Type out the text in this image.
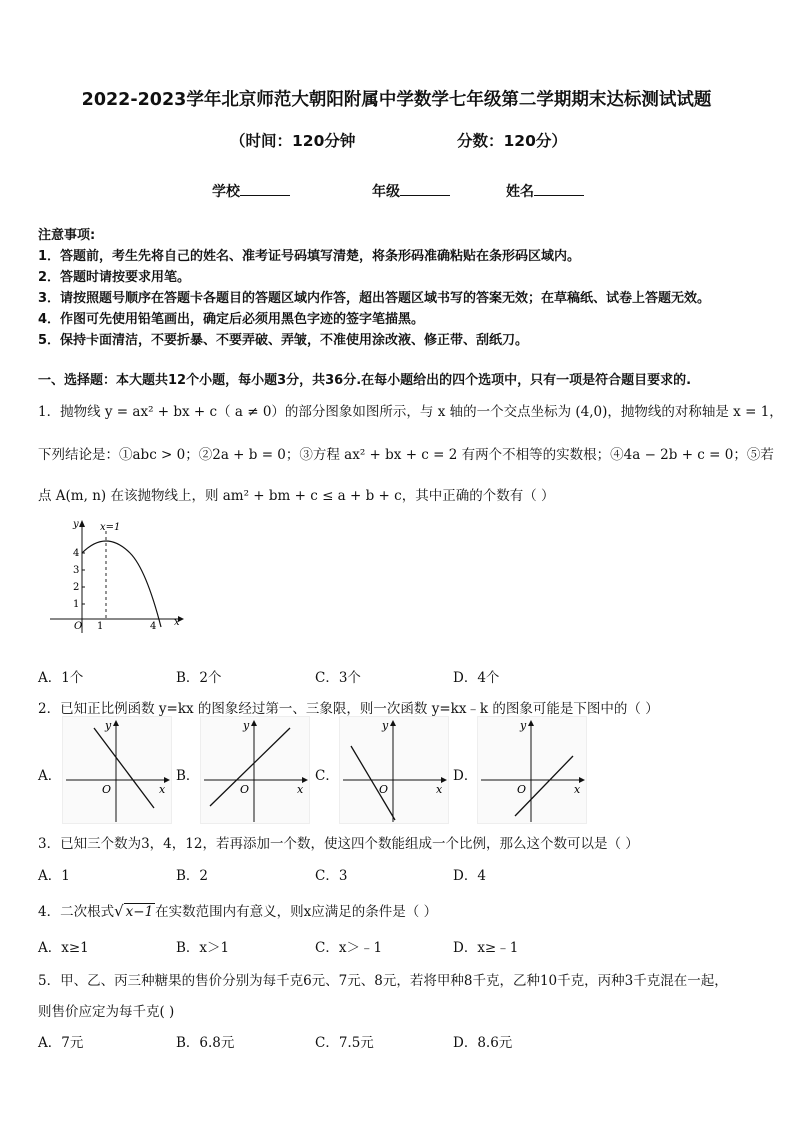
2022-2023学年北京师范大朝阳附属中学数学七年级第二学期期末达标测试试题
（时间：120分钟	分数：120分）
学校	年级	姓名
注意事项:
1．答题前，考生先将自己的姓名、准考证号码填写清楚，将条形码准确粘贴在条形码区域内。
2．答题时请按要求用笔。
3．请按照题号顺序在答题卡各题目的答题区域内作答，超出答题区域书写的答案无效；在草稿纸、试卷上答题无效。
4．作图可先使用铅笔画出，确定后必须用黑色字迹的签字笔描黑。
5．保持卡面清洁，不要折暴、不要弄破、弄皱，不准使用涂改液、修正带、刮纸刀。
一、选择题：本大题共12个小题，每小题3分，共36分.在每小题给出的四个选项中，只有一项是符合题目要求的.
1．抛物线 y = ax² + bx + c（ a ≠ 0）的部分图象如图所示，与 x 轴的一个交点坐标为 (4,0)，抛物线的对称轴是 x = 1，
下列结论是：①abc > 0；②2a + b = 0；③方程 ax² + bx + c = 2 有两个不相等的实数根；④4a − 2b + c = 0；⑤若
点 A(m, n) 在该抛物线上，则 am² + bm + c ≤ a + b + c，其中正确的个数有（ ）
y x=1
4
3
2
1
O 1	4 x
A．1个	B．2个	C．3个	D．4个
2．已知正比例函数 y=kx 的图象经过第一、三象限，则一次函数 y=kx﹣k 的图象可能是下图中的（ ）
A．	B．	C．	D．
y
O	x
y
O	x
y
O	x
y
O	x
3．已知三个数为3，4，12，若再添加一个数，使这四个数能组成一个比例，那么这个数可以是（ ）
A．1	B．2	C．3	D．4
4．二次根式√ x−1 在实数范围内有意义，则x应满足的条件是（ ）
A．x≥1	B．x＞1	C．x＞﹣1	D．x≥﹣1
5．甲、乙、丙三种糖果的售价分别为每千克6元、7元、8元，若将甲种8千克，乙种10千克，丙种3千克混在一起，
则售价应定为每千克( )
A．7元	B．6.8元	C．7.5元	D．8.6元
